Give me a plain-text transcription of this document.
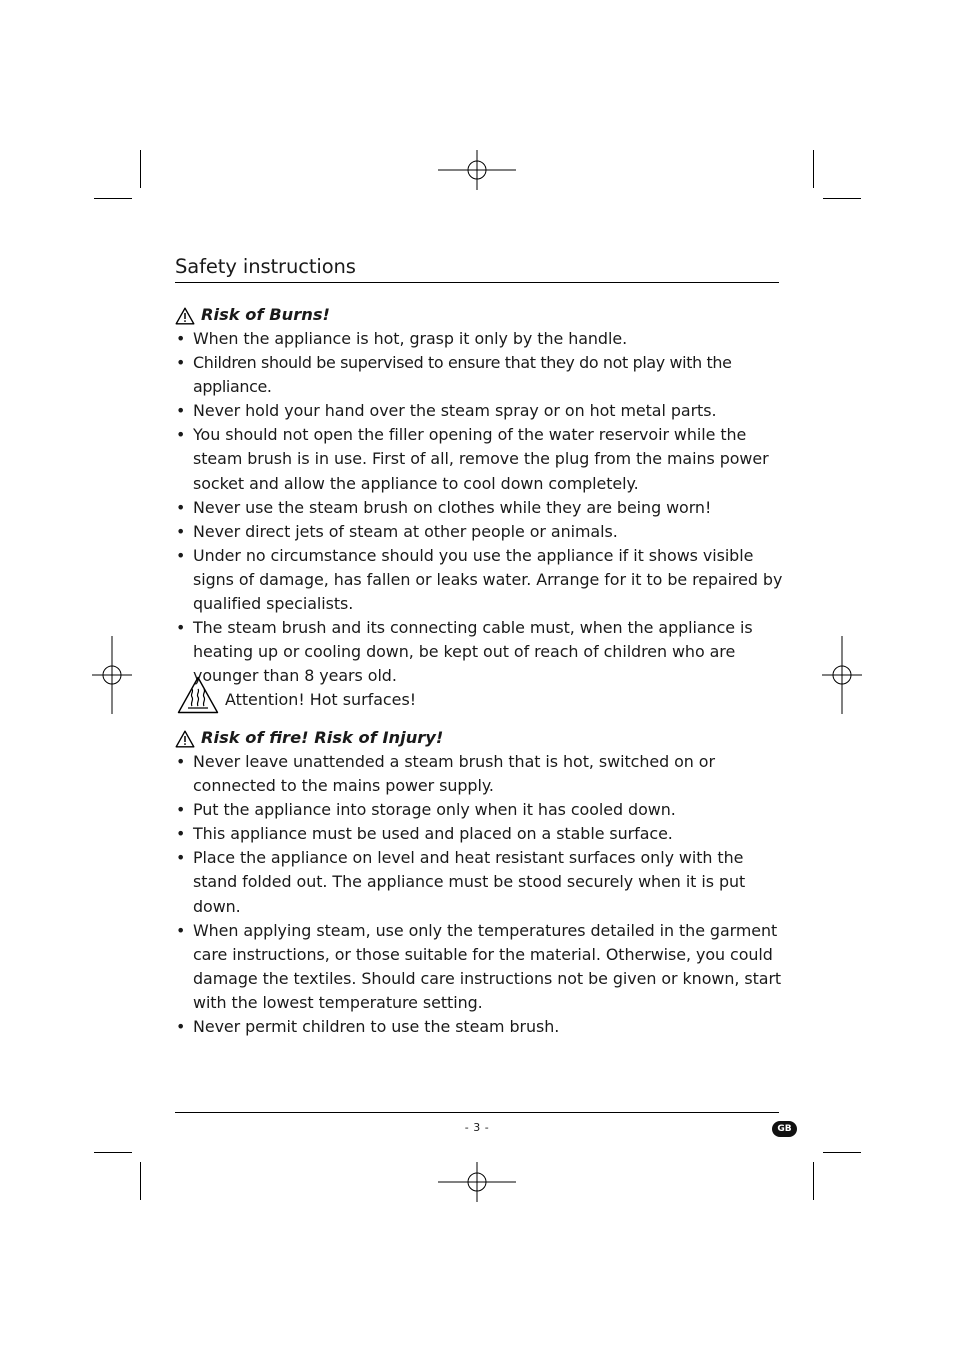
Safety instructions
Risk of Burns!
• When the appliance is hot, grasp it only by the handle.
• Children should be supervised to ensure that they do not play with the appliance.
• Never hold your hand over the steam spray or on hot metal parts.
• You should not open the filler opening of the water reservoir while the steam brush is in use. First of all, remove the plug from the mains power socket and allow the appliance to cool down completely.
• Never use the steam brush on clothes while they are being worn!
• Never direct jets of steam at other people or animals.
• Under no circumstance should you use the appliance if it shows visible signs of damage, has fallen or leaks water. Arrange for it to be repaired by qualified specialists.
• The steam brush and its connecting cable must, when the appliance is heating up or cooling down, be kept out of reach of children who are younger than 8 years old.
Attention! Hot surfaces!
Risk of fire! Risk of Injury!
• Never leave unattended a steam brush that is hot, switched on or connected to the mains power supply.
• Put the appliance into storage only when it has cooled down.
• This appliance must be used and placed on a stable surface.
• Place the appliance on level and heat resistant surfaces only with the stand folded out. The appliance must be stood securely when it is put down.
• When applying steam, use only the temperatures detailed in the garment care instructions, or those suitable for the material. Otherwise, you could damage the textiles. Should care instructions not be given or known, start with the lowest temperature setting.
• Never permit children to use the steam brush.
- 3 -	GB
